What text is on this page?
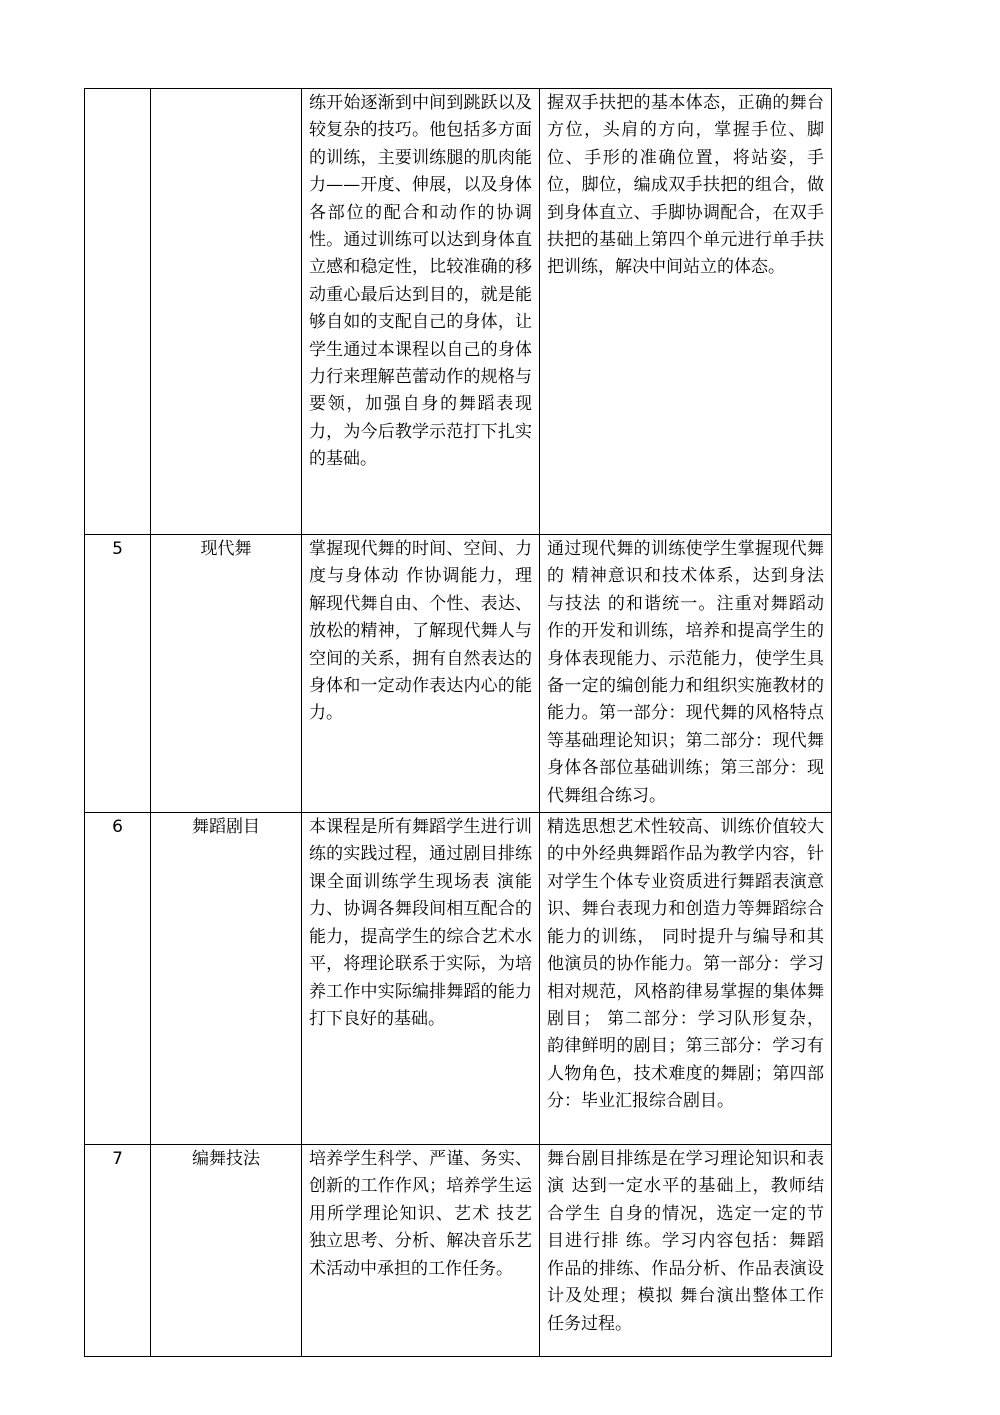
		练开始逐渐到中间到跳跃以及较复杂的技巧。他包括多方面的训练，主要训练腿的肌肉能力——开度、伸展，以及身体各部位的配合和动作的协调性。通过训练可以达到身体直立感和稳定性，比较准确的移动重心最后达到目的，就是能够自如的支配自己的身体，让学生通过本课程以自己的身体力行来理解芭蕾动作的规格与要领，加强自身的舞蹈表现力，为今后教学示范打下扎实的基础。	握双手扶把的基本体态，正确的舞台方位，头肩的方向，掌握手位、脚位、手形的准确位置，将站姿，手位，脚位，编成双手扶把的组合，做到身体直立、手脚协调配合，在双手扶把的基础上第四个单元进行单手扶把训练，解决中间站立的体态。
5	现代舞	掌握现代舞的时间、空间、力度与身体动 作协调能力，理解现代舞自由、个性、表达、放松的精神，了解现代舞人与空间的关系，拥有自然表达的身体和一定动作表达内心的能力。	通过现代舞的训练使学生掌握现代舞的 精神意识和技术体系，达到身法与技法 的和谐统一。注重对舞蹈动作的开发和训练，培养和提高学生的身体表现能力、示范能力，使学生具备一定的编创能力和组织实施教材的能力。第一部分：现代舞的风格特点等基础理论知识；第二部分：现代舞身体各部位基础训练；第三部分：现代舞组合练习。
6	舞蹈剧目	本课程是所有舞蹈学生进行训练的实践过程，通过剧目排练课全面训练学生现场表 演能力、协调各舞段间相互配合的能力，提高学生的综合艺术水平，将理论联系于实际，为培养工作中实际编排舞蹈的能力打下良好的基础。	精选思想艺术性较高、训练价值较大的中外经典舞蹈作品为教学内容，针对学生个体专业资质进行舞蹈表演意识、舞台表现力和创造力等舞蹈综合能力的训练， 同时提升与编导和其他演员的协作能力。第一部分：学习相对规范，风格韵律易掌握的集体舞剧目； 第二部分：学习队形复杂，韵律鲜明的剧目；第三部分：学习有人物角色，技术难度的舞剧；第四部分：毕业汇报综合剧目。
7	编舞技法	培养学生科学、严谨、务实、创新的工作作风；培养学生运用所学理论知识、艺术 技艺独立思考、分析、解决音乐艺术活动中承担的工作任务。	舞台剧目排练是在学习理论知识和表演 达到一定水平的基础上，教师结合学生 自身的情况，选定一定的节目进行排 练。学习内容包括：舞蹈作品的排练、作品分析、作品表演设计及处理；模拟 舞台演出整体工作任务过程。
